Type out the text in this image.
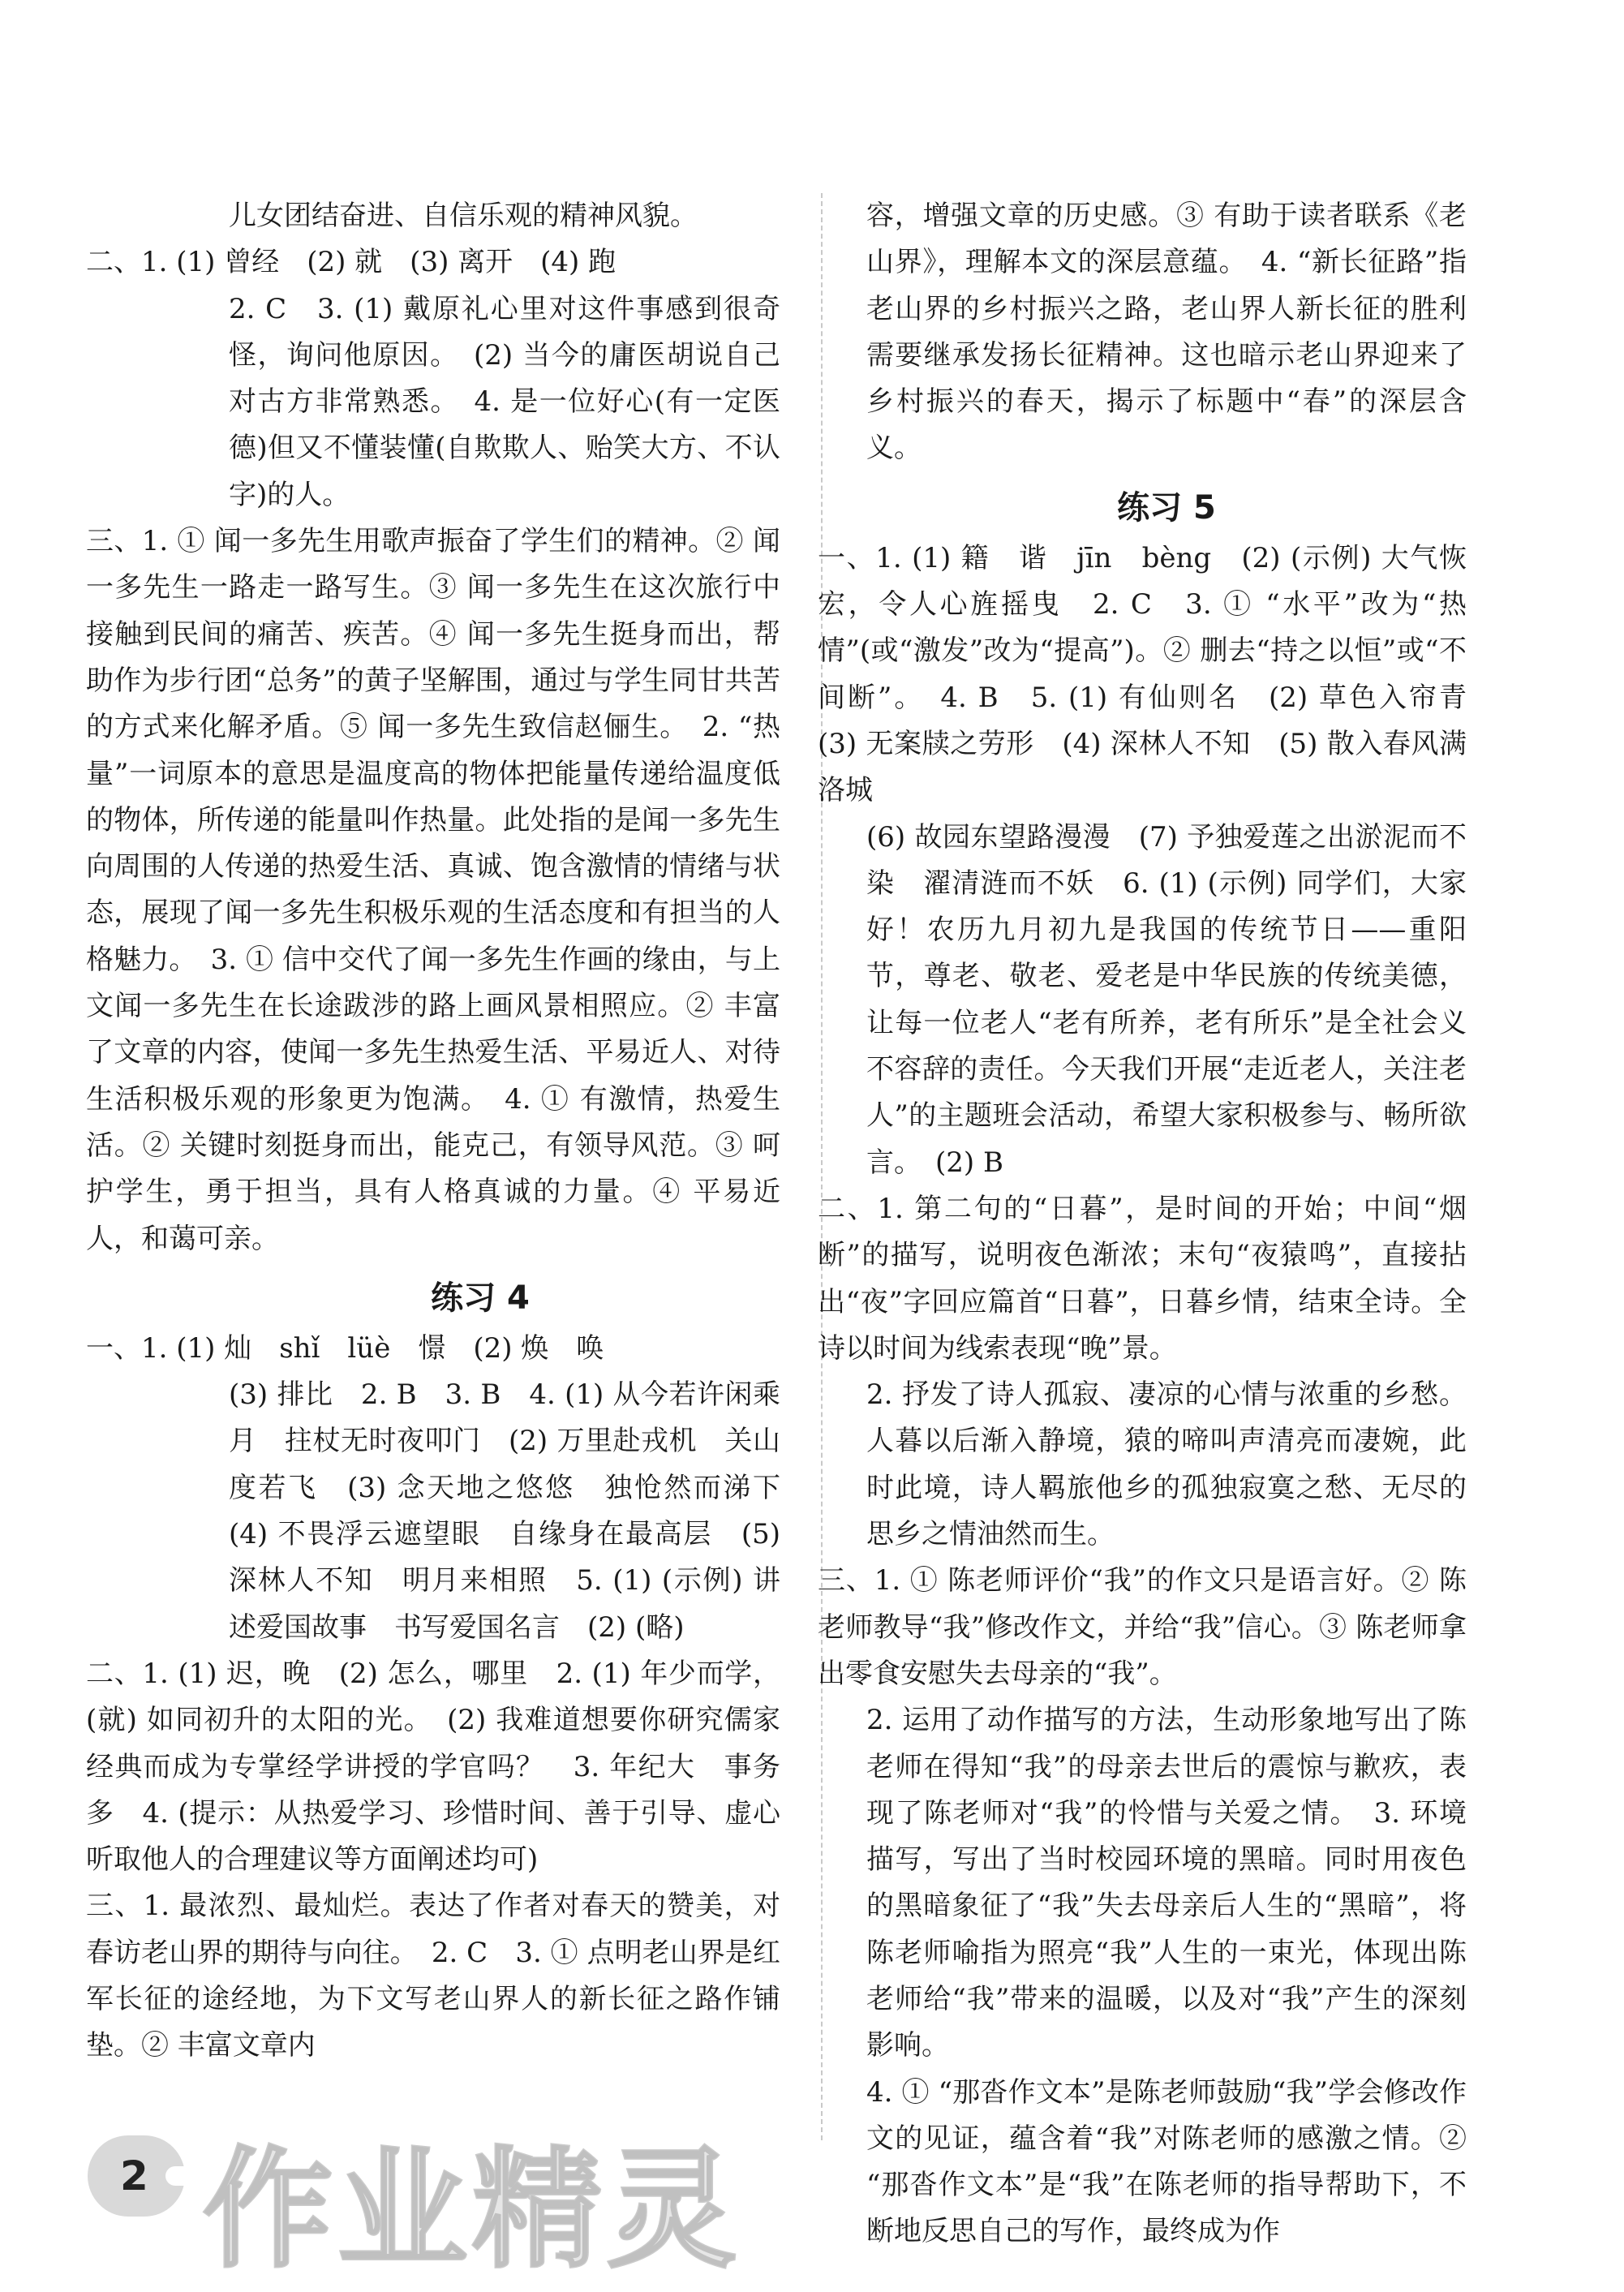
儿女团结奋进、自信乐观的精神风貌。

二、1. (1) 曾经　(2) 就　(3) 离开　(4) 跑

2. C　3. (1) 戴原礼心里对这件事感到很奇怪，询问他原因。　(2) 当今的庸医胡说自己对古方非常熟悉。　4. 是一位好心(有一定医德)但又不懂装懂(自欺欺人、贻笑大方、不认字)的人。

三、1. ① 闻一多先生用歌声振奋了学生们的精神。② 闻一多先生一路走一路写生。③ 闻一多先生在这次旅行中接触到民间的痛苦、疾苦。④ 闻一多先生挺身而出，帮助作为步行团“总务”的黄子坚解围，通过与学生同甘共苦的方式来化解矛盾。⑤ 闻一多先生致信赵俪生。　2. “热量”一词原本的意思是温度高的物体把能量传递给温度低的物体，所传递的能量叫作热量。此处指的是闻一多先生向周围的人传递的热爱生活、真诚、饱含激情的情绪与状态，展现了闻一多先生积极乐观的生活态度和有担当的人格魅力。　3. ① 信中交代了闻一多先生作画的缘由，与上文闻一多先生在长途跋涉的路上画风景相照应。② 丰富了文章的内容，使闻一多先生热爱生活、平易近人、对待生活积极乐观的形象更为饱满。　4. ① 有激情，热爱生活。② 关键时刻挺身而出，能克己，有领导风范。③ 呵护学生，勇于担当，具有人格真诚的力量。④ 平易近人，和蔼可亲。

练习 4

一、1. (1) 灿　shǐ　lüè　憬　(2) 焕　唤

(3) 排比　2. B　3. B　4. (1) 从今若许闲乘月　拄杖无时夜叩门　(2) 万里赴戎机　关山度若飞　(3) 念天地之悠悠　独怆然而涕下　(4) 不畏浮云遮望眼　自缘身在最高层　(5) 深林人不知　明月来相照　5. (1) (示例) 讲述爱国故事　书写爱国名言　(2) (略)

二、1. (1) 迟，晚　(2) 怎么，哪里　2. (1) 年少而学，(就) 如同初升的太阳的光。　(2) 我难道想要你研究儒家经典而成为专掌经学讲授的学官吗？　3. 年纪大　事务多　4. (提示：从热爱学习、珍惜时间、善于引导、虚心听取他人的合理建议等方面阐述均可)

三、1. 最浓烈、最灿烂。表达了作者对春天的赞美，对春访老山界的期待与向往。　2. C　3. ① 点明老山界是红军长征的途经地，为下文写老山界人的新长征之路作铺垫。② 丰富文章内

容，增强文章的历史感。③ 有助于读者联系《老山界》，理解本文的深层意蕴。　4. “新长征路”指老山界的乡村振兴之路，老山界人新长征的胜利需要继承发扬长征精神。这也暗示老山界迎来了乡村振兴的春天，揭示了标题中“春”的深层含义。

练习 5

一、1. (1) 籍　谐　jīn　bèng　(2) (示例) 大气恢宏，令人心旌摇曳　2. C　3. ① “水平”改为“热情”(或“激发”改为“提高”)。② 删去“持之以恒”或“不间断”。　4. B　5. (1) 有仙则名　(2) 草色入帘青　(3) 无案牍之劳形　(4) 深林人不知　(5) 散入春风满洛城

(6) 故园东望路漫漫　(7) 予独爱莲之出淤泥而不染　濯清涟而不妖　6. (1) (示例) 同学们，大家好！农历九月初九是我国的传统节日——重阳节，尊老、敬老、爱老是中华民族的传统美德，让每一位老人“老有所养，老有所乐”是全社会义不容辞的责任。今天我们开展“走近老人，关注老人”的主题班会活动，希望大家积极参与、畅所欲言。　(2) B

二、1. 第二句的“日暮”，是时间的开始；中间“烟断”的描写，说明夜色渐浓；末句“夜猿鸣”，直接拈出“夜”字回应篇首“日暮”，日暮乡情，结束全诗。全诗以时间为线索表现“晚”景。

2. 抒发了诗人孤寂、凄凉的心情与浓重的乡愁。人暮以后渐入静境，猿的啼叫声清亮而凄婉，此时此境，诗人羁旅他乡的孤独寂寞之愁、无尽的思乡之情油然而生。

三、1. ① 陈老师评价“我”的作文只是语言好。② 陈老师教导“我”修改作文，并给“我”信心。③ 陈老师拿出零食安慰失去母亲的“我”。

2. 运用了动作描写的方法，生动形象地写出了陈老师在得知“我”的母亲去世后的震惊与歉疚，表现了陈老师对“我”的怜惜与关爱之情。　3. 环境描写，写出了当时校园环境的黑暗。同时用夜色的黑暗象征了“我”失去母亲后人生的“黑暗”，将陈老师喻指为照亮“我”人生的一束光，体现出陈老师给“我”带来的温暖，以及对“我”产生的深刻影响。

4. ① “那沓作文本”是陈老师鼓励“我”学会修改作文的见证，蕴含着“我”对陈老师的感激之情。② “那沓作文本”是“我”在陈老师的指导帮助下，不断地反思自己的写作，最终成为作

2 作业精灵
